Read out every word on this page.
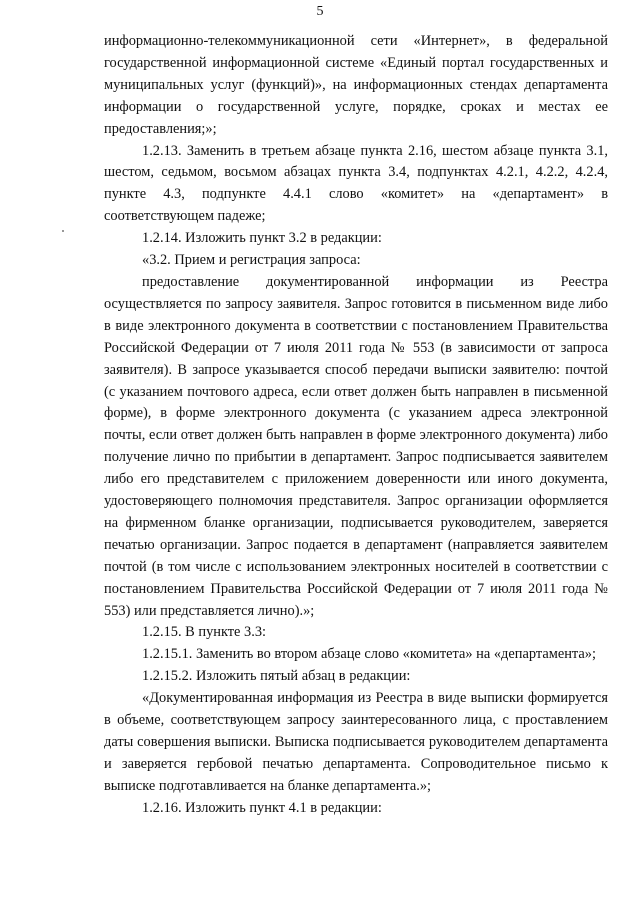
5

информационно-телекоммуникационной сети «Интернет», в федеральной государственной информационной системе «Единый портал государственных и муниципальных услуг (функций)», на информационных стендах департамента информации о государственной услуге, порядке, сроках и местах ее предоставления;»;

1.2.13. Заменить в третьем абзаце пункта 2.16, шестом абзаце пункта 3.1, шестом, седьмом, восьмом абзацах пункта 3.4, подпунктах 4.2.1, 4.2.2, 4.2.4, пункте 4.3, подпункте 4.4.1 слово «комитет» на «департамент» в соответствующем падеже;

1.2.14. Изложить пункт 3.2 в редакции:

«3.2. Прием и регистрация запроса:

предоставление документированной информации из Реестра осуществляется по запросу заявителя. Запрос готовится в письменном виде либо в виде электронного документа в соответствии с постановлением Правительства Российской Федерации от 7 июля 2011 года № 553 (в зависимости от запроса заявителя). В запросе указывается способ передачи выписки заявителю: почтой (с указанием почтового адреса, если ответ должен быть направлен в письменной форме), в форме электронного документа (с указанием адреса электронной почты, если ответ должен быть направлен в форме электронного документа) либо получение лично по прибытии в департамент. Запрос подписывается заявителем либо его представителем с приложением доверенности или иного документа, удостоверяющего полномочия представителя. Запрос организации оформляется на фирменном бланке организации, подписывается руководителем, заверяется печатью организации. Запрос подается в департамент (направляется заявителем почтой (в том числе с использованием электронных носителей в соответствии с постановлением Правительства Российской Федерации от 7 июля 2011 года № 553) или представляется лично).»;

1.2.15. В пункте 3.3:

1.2.15.1. Заменить во втором абзаце слово «комитета» на «департамента»;

1.2.15.2. Изложить пятый абзац в редакции:

«Документированная информация из Реестра в виде выписки формируется в объеме, соответствующем запросу заинтересованного лица, с проставлением даты совершения выписки. Выписка подписывается руководителем департамента и заверяется гербовой печатью департамента. Сопроводительное письмо к выписке подготавливается на бланке департамента.»;

1.2.16. Изложить пункт 4.1 в редакции:
